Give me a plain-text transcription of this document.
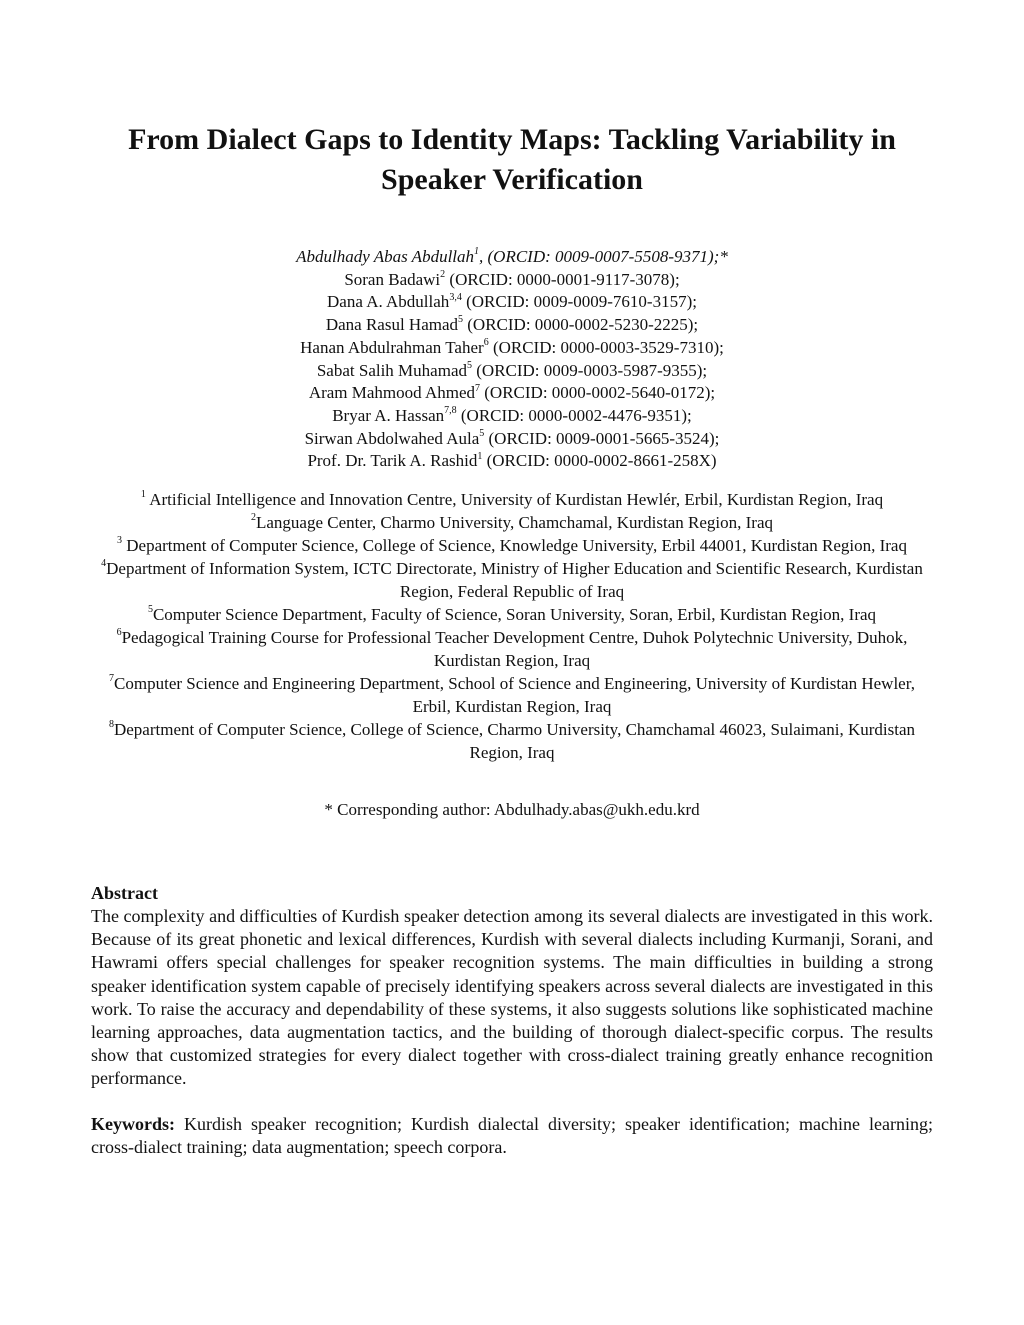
From Dialect Gaps to Identity Maps: Tackling Variability in Speaker Verification
Abdulhady Abas Abdullah$^1$, (ORCID: 0009-0007-5508-9371);*
Soran Badawi$^2$ (ORCID: 0000-0001-9117-3078);
Dana A. Abdullah$^{3,4}$ (ORCID: 0009-0009-7610-3157);
Dana Rasul Hamad$^5$ (ORCID: 0000-0002-5230-2225);
Hanan Abdulrahman Taher$^6$ (ORCID: 0000-0003-3529-7310);
Sabat Salih Muhamad$^5$ (ORCID: 0009-0003-5987-9355);
Aram Mahmood Ahmed$^7$ (ORCID: 0000-0002-5640-0172);
Bryar A. Hassan$^{7,8}$ (ORCID: 0000-0002-4476-9351);
Sirwan Abdolwahed Aula$^5$ (ORCID: 0009-0001-5665-3524);
Prof. Dr. Tarik A. Rashid$^1$ (ORCID: 0000-0002-8661-258X)
$^1$ Artificial Intelligence and Innovation Centre, University of Kurdistan Hewlér, Erbil, Kurdistan Region, Iraq
$^2$Language Center, Charmo University, Chamchamal, Kurdistan Region, Iraq
$^3$ Department of Computer Science, College of Science, Knowledge University, Erbil 44001, Kurdistan Region, Iraq
$^4$Department of Information System, ICTC Directorate, Ministry of Higher Education and Scientific Research, Kurdistan Region, Federal Republic of Iraq
$^5$Computer Science Department, Faculty of Science, Soran University, Soran, Erbil, Kurdistan Region, Iraq
$^6$Pedagogical Training Course for Professional Teacher Development Centre, Duhok Polytechnic University, Duhok, Kurdistan Region, Iraq
$^7$Computer Science and Engineering Department, School of Science and Engineering, University of Kurdistan Hewler, Erbil, Kurdistan Region, Iraq
$^8$Department of Computer Science, College of Science, Charmo University, Chamchamal 46023, Sulaimani, Kurdistan Region, Iraq
* Corresponding author: Abdulhady.abas@ukh.edu.krd
Abstract

The complexity and difficulties of Kurdish speaker detection among its several dialects are investigated in this work. Because of its great phonetic and lexical differences, Kurdish with several dialects including Kurmanji, Sorani, and Hawrami offers special challenges for speaker recognition systems. The main difficulties in building a strong speaker identification system capable of precisely identifying speakers across several dialects are investigated in this work. To raise the accuracy and dependability of these systems, it also suggests solutions like sophisticated machine learning approaches, data augmentation tactics, and the building of thorough dialect-specific corpus. The results show that customized strategies for every dialect together with cross-dialect training greatly enhance recognition performance.

Keywords: Kurdish speaker recognition; Kurdish dialectal diversity; speaker identification; machine learning; cross-dialect training; data augmentation; speech corpora.
